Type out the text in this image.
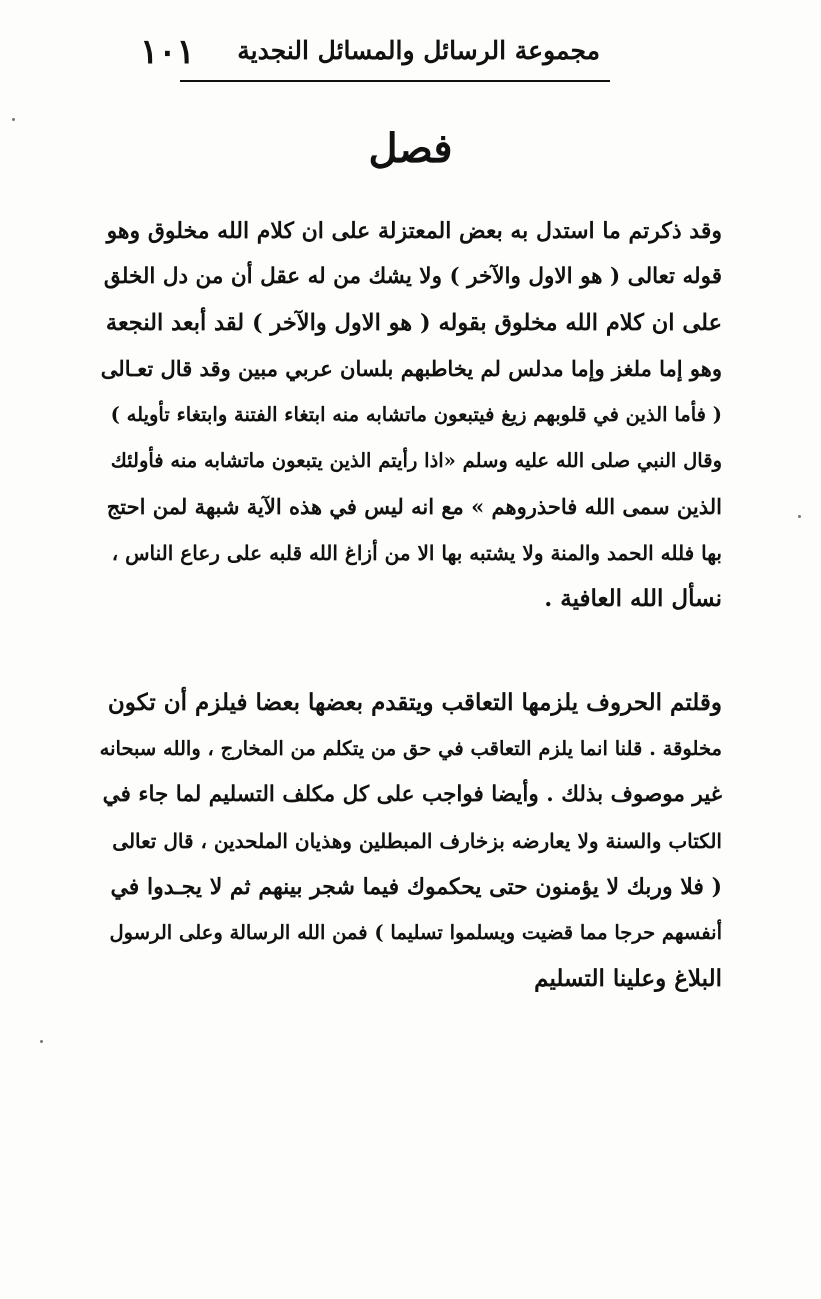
مجموعة الرسائل والمسائل النجدية
١٠١
فصل
وقد ذكرتم ما استدل به بعض المعتزلة على ان كلام الله مخلوق وهو
قوله تعالى ( هو الاول والآخر ) ولا يشك من له عقل أن من دل الخلق
على ان كلام الله مخلوق بقوله ( هو الاول والآخر ) لقد أبعد النجعة
وهو إما ملغز وإما مدلس لم يخاطبهم بلسان عربي مبين وقد قال تعـالى
( فأما الذين في قلوبهم زيغ فيتبعون ماتشابه منه ابتغاء الفتنة وابتغاء تأويله )
وقال النبي صلى الله عليه وسلم «اذا رأيتم الذين يتبعون ماتشابه منه فأولئك
الذين سمى الله فاحذروهم » مع انه ليس في هذه الآية شبهة لمن احتج
بها فلله الحمد والمنة ولا يشتبه بها الا من أزاغ الله قلبه على رعاع الناس ،
نسأل الله العافية .
وقلتم الحروف يلزمها التعاقب ويتقدم بعضها بعضا فيلزم أن تكون
مخلوقة . قلنا انما يلزم التعاقب في حق من يتكلم من المخارج ، والله سبحانه
غير موصوف بذلك . وأيضا فواجب على كل مكلف التسليم لما جاء في
الكتاب والسنة ولا يعارضه بزخارف المبطلين وهذيان الملحدين ، قال تعالى
( فلا وربك لا يؤمنون حتى يحكموك فيما شجر بينهم ثم لا يجـدوا في
أنفسهم حرجا مما قضيت ويسلموا تسليما ) فمن الله الرسالة وعلى الرسول
البلاغ وعلينا التسليم
